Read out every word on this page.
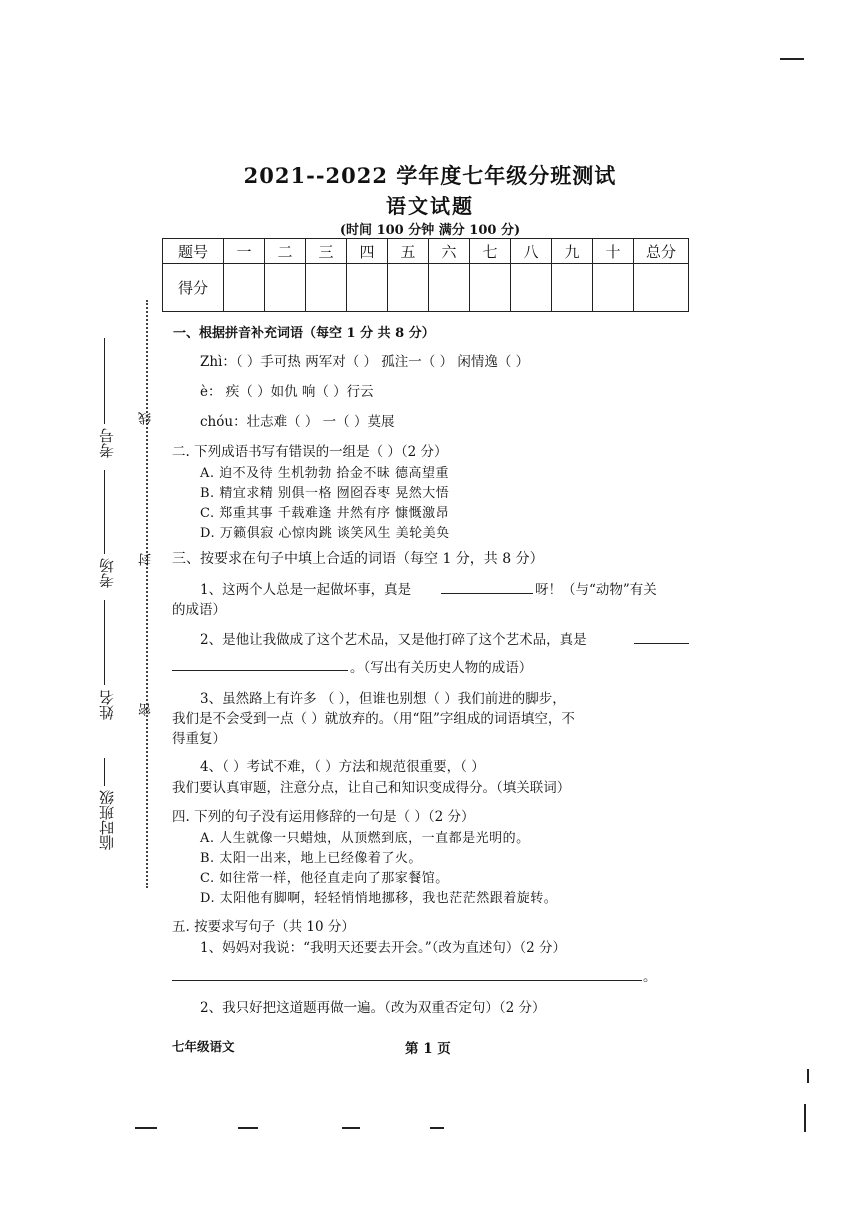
2021--2022 学年度七年级分班测试
语文试题
(时间 100 分钟 满分 100 分)
题号	一	二	三	四	五	六	七	八	九	十	总分
得分											
临时班级
姓名
考场
考号
线
封
密
一、根据拼音补充词语（每空 1 分 共 8 分）
Zhì：（ ）手可热 两军对（ ） 孤注一（ ） 闲情逸（ ）
è： 疾（ ）如仇 响（ ）行云
chóu：壮志难（ ） 一（ ）莫展
二. 下列成语书写有错误的一组是（ ）（2 分）
A. 迫不及待 生机勃勃 拾金不昧 德高望重
B. 精宜求精 别俱一格 囫囵吞枣 晃然大悟
C. 郑重其事 千载难逢 井然有序 慷慨激昂
D. 万籁俱寂 心惊肉跳 谈笑风生 美轮美奂
三、按要求在句子中填上合适的词语（每空 1 分，共 8 分）
1、这两个人总是一起做坏事，真是	呀！（与“动物”有关
的成语）
2、是他让我做成了这个艺术品，又是他打碎了这个艺术品，真是
。（写出有关历史人物的成语）
3、虽然路上有许多 （ ），但谁也别想（ ）我们前进的脚步，
我们是不会受到一点（ ）就放弃的。（用“阻”字组成的词语填空，不
得重复）
4、（ ）考试不难，（ ）方法和规范很重要，（ ）
我们要认真审题，注意分点，让自己和知识变成得分。（填关联词）
四. 下列的句子没有运用修辞的一句是（ ）（2 分）
A. 人生就像一只蜡烛，从顶燃到底，一直都是光明的。
B. 太阳一出来，地上已经像着了火。
C. 如往常一样，他径直走向了那家餐馆。
D. 太阳他有脚啊，轻轻悄悄地挪移，我也茫茫然跟着旋转。
五. 按要求写句子（共 10 分）
1、妈妈对我说：“我明天还要去开会。”（改为直述句）（2 分）
。
2、我只好把这道题再做一遍。（改为双重否定句）（2 分）
七年级语文	第 1 页
